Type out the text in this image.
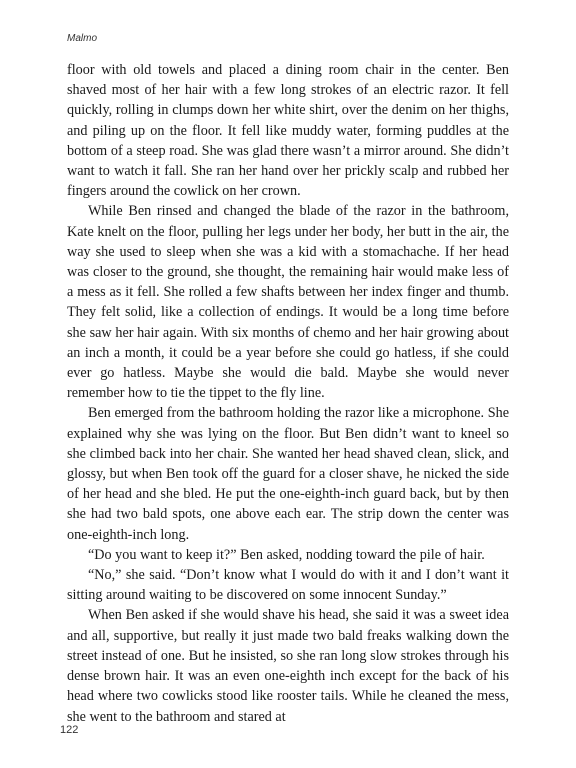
Malmo

floor with old towels and placed a dining room chair in the center. Ben shaved most of her hair with a few long strokes of an electric razor. It fell quickly, rolling in clumps down her white shirt, over the denim on her thighs, and piling up on the floor. It fell like muddy water, forming puddles at the bottom of a steep road. She was glad there wasn’t a mirror around. She didn’t want to watch it fall. She ran her hand over her prickly scalp and rubbed her fingers around the cowlick on her crown.

While Ben rinsed and changed the blade of the razor in the bathroom, Kate knelt on the floor, pulling her legs under her body, her butt in the air, the way she used to sleep when she was a kid with a stomachache. If her head was closer to the ground, she thought, the remaining hair would make less of a mess as it fell. She rolled a few shafts between her index finger and thumb. They felt solid, like a collection of endings. It would be a long time before she saw her hair again. With six months of chemo and her hair growing about an inch a month, it could be a year before she could go hatless, if she could ever go hatless. Maybe she would die bald. Maybe she would never remember how to tie the tippet to the fly line.

Ben emerged from the bathroom holding the razor like a microphone. She explained why she was lying on the floor. But Ben didn’t want to kneel so she climbed back into her chair. She wanted her head shaved clean, slick, and glossy, but when Ben took off the guard for a closer shave, he nicked the side of her head and she bled. He put the one-eighth-inch guard back, but by then she had two bald spots, one above each ear. The strip down the center was one-eighth-inch long.

“Do you want to keep it?” Ben asked, nodding toward the pile of hair.

“No,” she said. “Don’t know what I would do with it and I don’t want it sitting around waiting to be discovered on some innocent Sunday.”

When Ben asked if she would shave his head, she said it was a sweet idea and all, supportive, but really it just made two bald freaks walking down the street instead of one. But he insisted, so she ran long slow strokes through his dense brown hair. It was an even one-eighth inch except for the back of his head where two cowlicks stood like rooster tails. While he cleaned the mess, she went to the bathroom and stared at

122
